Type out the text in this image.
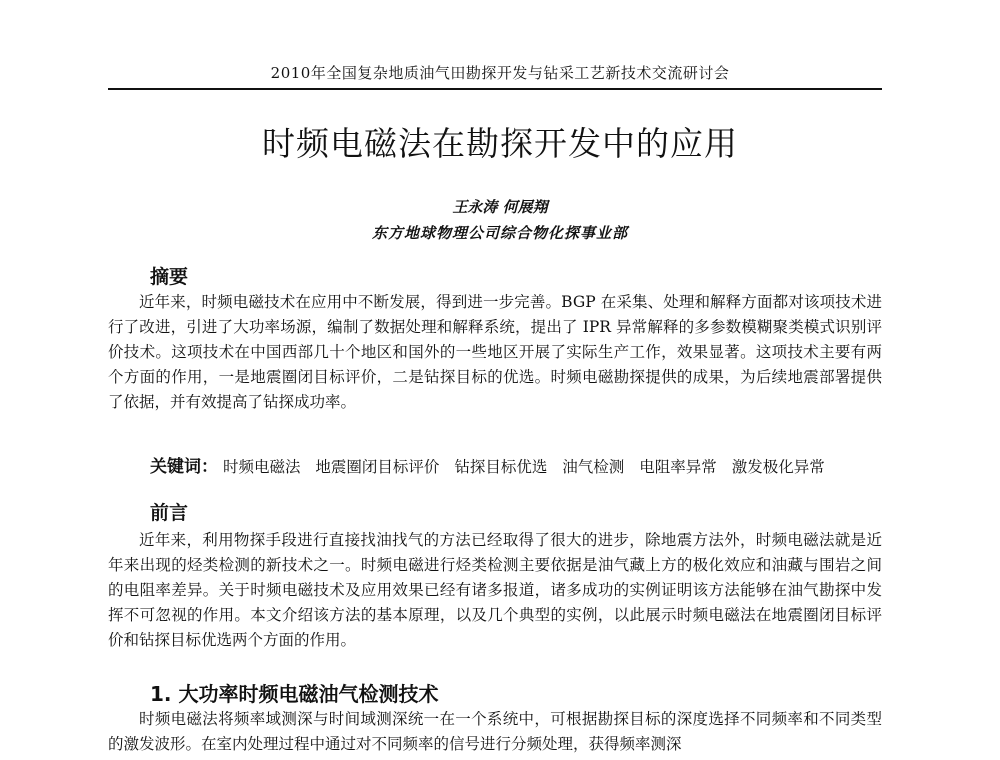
2010年全国复杂地质油气田勘探开发与钻采工艺新技术交流研讨会
时频电磁法在勘探开发中的应用
王永涛 何展翔
东方地球物理公司综合物化探事业部
摘要
近年来，时频电磁技术在应用中不断发展，得到进一步完善。BGP 在采集、处理和解释方面都对该项技术进行了改进，引进了大功率场源，编制了数据处理和解释系统，提出了 IPR 异常解释的多参数模糊聚类模式识别评价技术。这项技术在中国西部几十个地区和国外的一些地区开展了实际生产工作，效果显著。这项技术主要有两个方面的作用，一是地震圈闭目标评价，二是钻探目标的优选。时频电磁勘探提供的成果，为后续地震部署提供了依据，并有效提高了钻探成功率。
关键词： 时频电磁法 地震圈闭目标评价 钻探目标优选 油气检测 电阻率异常 激发极化异常
前言
近年来，利用物探手段进行直接找油找气的方法已经取得了很大的进步，除地震方法外，时频电磁法就是近年来出现的烃类检测的新技术之一。时频电磁进行烃类检测主要依据是油气藏上方的极化效应和油藏与围岩之间的电阻率差异。关于时频电磁技术及应用效果已经有诸多报道，诸多成功的实例证明该方法能够在油气勘探中发挥不可忽视的作用。本文介绍该方法的基本原理，以及几个典型的实例，以此展示时频电磁法在地震圈闭目标评价和钻探目标优选两个方面的作用。
1. 大功率时频电磁油气检测技术
时频电磁法将频率域测深与时间域测深统一在一个系统中，可根据勘探目标的深度选择不同频率和不同类型的激发波形。在室内处理过程中通过对不同频率的信号进行分频处理，获得频率测深
